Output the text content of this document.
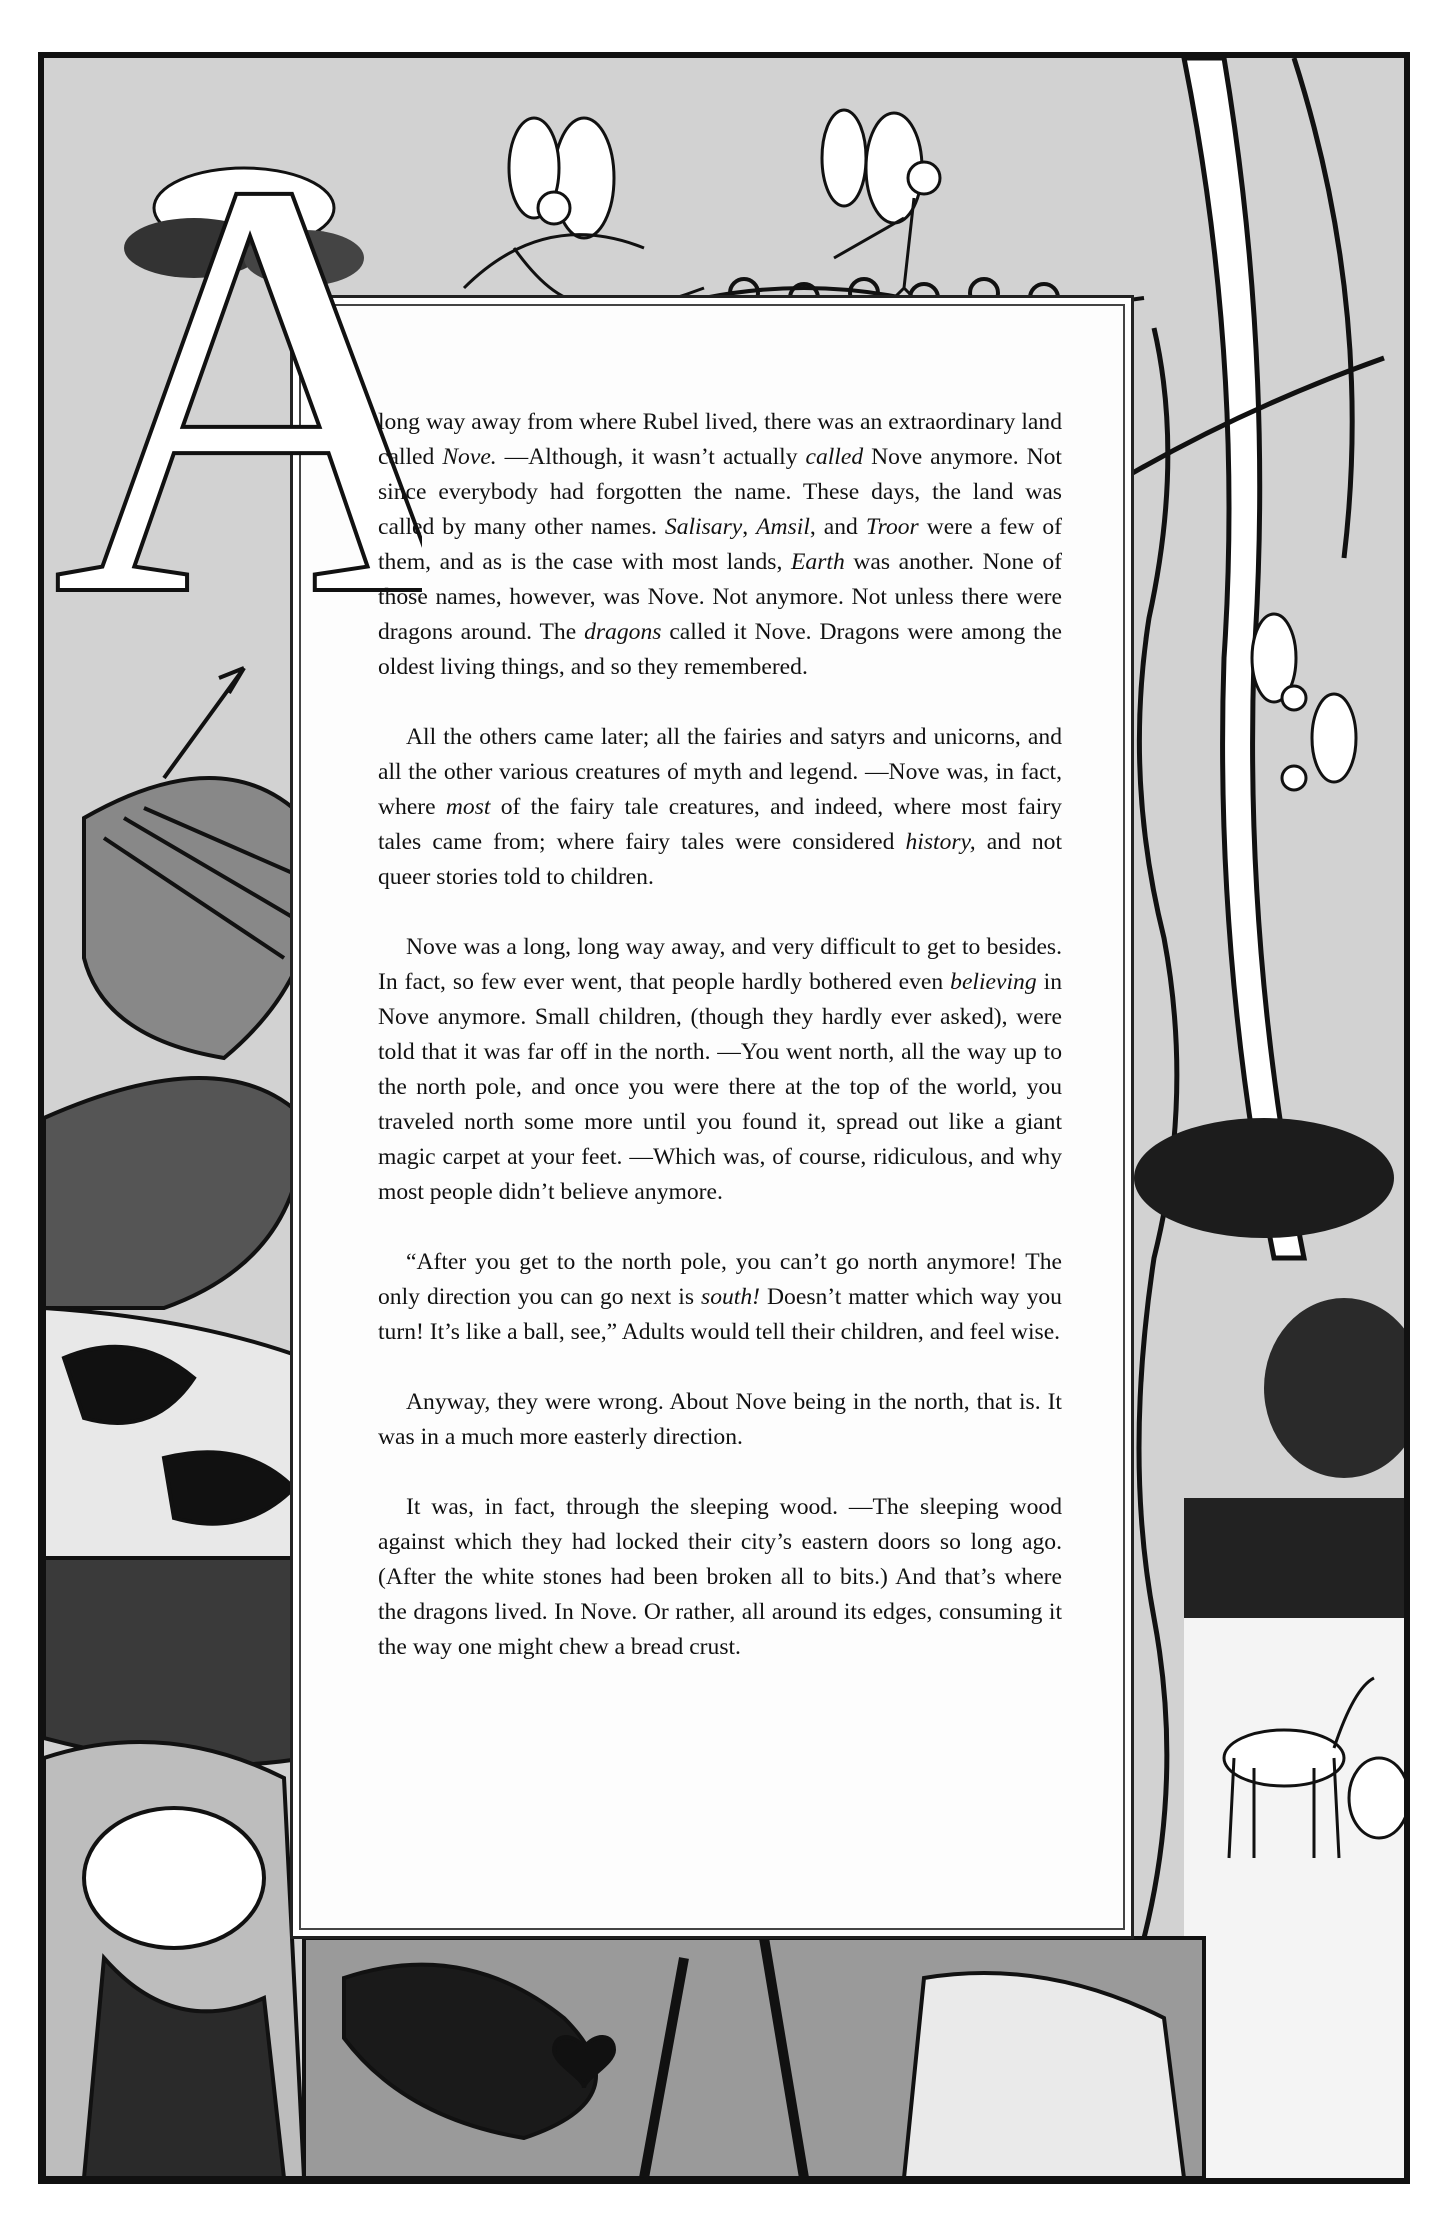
A

long way away from where Rubel lived, there was an extraordinary land called Nove. —Although, it wasn’t actually called Nove anymore. Not since everybody had forgotten the name. These days, the land was called by many other names. Salisary, Amsil, and Troor were a few of them, and as is the case with most lands, Earth was another. None of those names, however, was Nove. Not anymore. Not unless there were dragons around. The dragons called it Nove. Dragons were among the oldest living things, and so they remembered.

All the others came later; all the fairies and satyrs and unicorns, and all the other various creatures of myth and legend. —Nove was, in fact, where most of the fairy tale creatures, and indeed, where most fairy tales came from; where fairy tales were considered history, and not queer stories told to children.

Nove was a long, long way away, and very difficult to get to besides. In fact, so few ever went, that people hardly bothered even believing in Nove anymore. Small children, (though they hardly ever asked), were told that it was far off in the north. —You went north, all the way up to the north pole, and once you were there at the top of the world, you traveled north some more until you found it, spread out like a giant magic carpet at your feet. —Which was, of course, ridiculous, and why most people didn’t believe anymore.

“After you get to the north pole, you can’t go north anymore! The only direction you can go next is south! Doesn’t matter which way you turn! It’s like a ball, see,” Adults would tell their children, and feel wise.

Anyway, they were wrong. About Nove being in the north, that is. It was in a much more easterly direction.

It was, in fact, through the sleeping wood. —The sleeping wood against which they had locked their city’s eastern doors so long ago. (After the white stones had been broken all to bits.) And that’s where the dragons lived. In Nove. Or rather, all around its edges, consuming it the way one might chew a bread crust.
